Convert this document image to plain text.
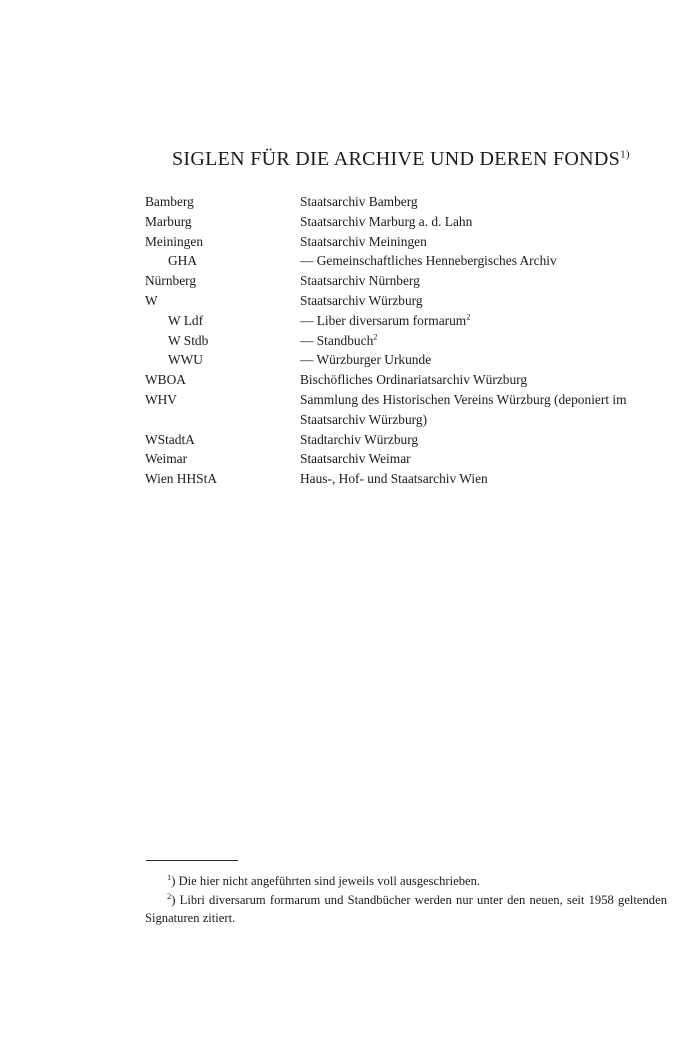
SIGLEN FÜR DIE ARCHIVE UND DEREN FONDS$^{1)}$
Bamberg	Staatsarchiv Bamberg
Marburg	Staatsarchiv Marburg a. d. Lahn
Meiningen	Staatsarchiv Meiningen
GHA	— Gemeinschaftliches Hennebergisches Archiv
Nürnberg	Staatsarchiv Nürnberg
W	Staatsarchiv Würzburg
W Ldf	— Liber diversarum formarum$^2$
W Stdb	— Standbuch$^2$
WWU	— Würzburger Urkunde
WBOA	Bischöfliches Ordinariatsarchiv Würzburg
WHV	Sammlung des Historischen Vereins Würzburg (deponiert im Staatsarchiv Würzburg)
WStadtA	Stadtarchiv Würzburg
Weimar	Staatsarchiv Weimar
Wien HHStA	Haus-, Hof- und Staatsarchiv Wien

$^1$) Die hier nicht angeführten sind jeweils voll ausgeschrieben.

$^2$) Libri diversarum formarum und Standbücher werden nur unter den neuen, seit 1958 geltenden Signaturen zitiert.
